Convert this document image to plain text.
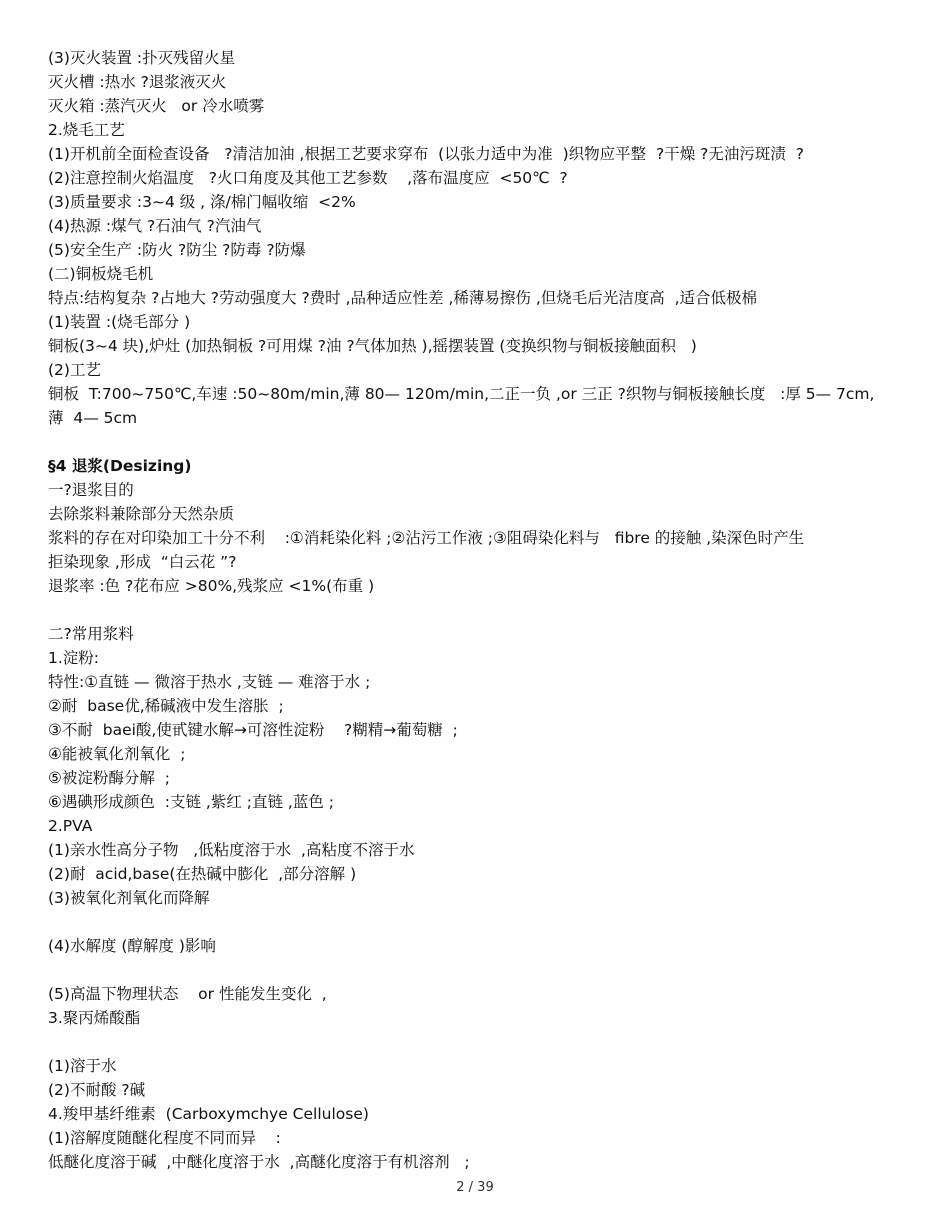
(3)灭火装置 :扑灭残留火星
灭火槽 :热水 ?退浆液灭火
灭火箱 :蒸汽灭火   or 冷水喷雾
2.烧毛工艺
(1)开机前全面检查设备   ?清洁加油 ,根据工艺要求穿布  (以张力适中为准  )织物应平整  ?干燥 ?无油污斑渍  ?
(2)注意控制火焰温度   ?火口角度及其他工艺参数    ,落布温度应  <50℃  ?
(3)质量要求 :3~4 级 , 涤/棉门幅收缩  <2%
(4)热源 :煤气 ?石油气 ?汽油气
(5)安全生产 :防火 ?防尘 ?防毒 ?防爆
(二)铜板烧毛机
特点:结构复杂 ?占地大 ?劳动强度大 ?费时 ,品种适应性差 ,稀薄易擦伤 ,但烧毛后光洁度高  ,适合低极棉
(1)装置 :(烧毛部分 )
铜板(3~4 块),炉灶 (加热铜板 ?可用煤 ?油 ?气体加热 ),摇摆装置 (变换织物与铜板接触面积   )
(2)工艺
铜板  T:700~750℃,车速 :50~80m/min,薄 80— 120m/min,二正一负 ,or 三正 ?织物与铜板接触长度   :厚 5— 7cm,
薄  4— 5cm
§4 退浆(Desizing)
一?退浆目的
去除浆料兼除部分天然杂质
浆料的存在对印染加工十分不利    :①消耗染化料 ;②沾污工作液 ;③阻碍染化料与   fibre 的接触 ,染深色时产生
拒染现象 ,形成  “白云花 ”?
退浆率 :色 ?花布应 >80%,残浆应 <1%(布重 )
二?常用浆料
1.淀粉:
特性:①直链 — 微溶于热水 ,支链 — 难溶于水 ;
②耐  base优,稀碱液中发生溶胀  ;
③不耐  baei酸,使甙键水解→可溶性淀粉    ?糊精→葡萄糖  ;
④能被氧化剂氧化  ;
⑤被淀粉酶分解  ;
⑥遇碘形成颜色  :支链 ,紫红 ;直链 ,蓝色 ;
2.PVA
(1)亲水性高分子物   ,低粘度溶于水  ,高粘度不溶于水
(2)耐  acid,base(在热碱中膨化  ,部分溶解 )
(3)被氧化剂氧化而降解
(4)水解度 (醇解度 )影响
(5)高温下物理状态    or 性能发生变化  ,
3.聚丙烯酸酯
(1)溶于水
(2)不耐酸 ?碱
4.羧甲基纤维素  (Carboxymchye Cellulose)
(1)溶解度随醚化程度不同而异    :
低醚化度溶于碱  ,中醚化度溶于水  ,高醚化度溶于有机溶剂   ;
2 / 39
